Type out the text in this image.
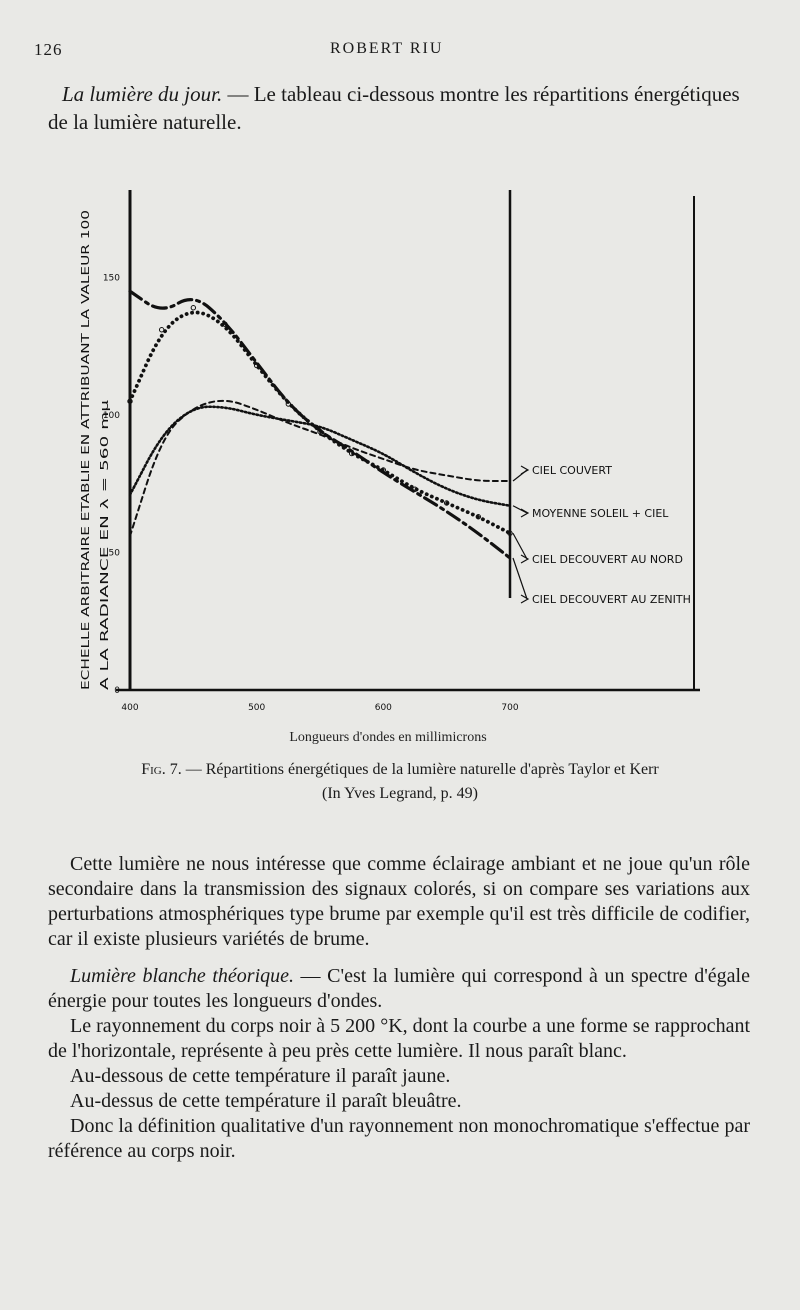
126	ROBERT RIU

La lumière du jour. — Le tableau ci-dessous montre les répartitions énergétiques de la lumière naturelle.

ECHELLE ARBITRAIRE ETABLIE EN ATTRIBUANT LA VALEUR 100 A LA RADIANCE EN λ = 560 mμ
0
50
100
150
400	500	600	700
Longueurs d'ondes en millimicrons
CIEL DECOUVERT AU ZENITH
CIEL DECOUVERT AU NORD
MOYENNE SOLEIL + CIEL
CIEL COUVERT
Fig. 7. — Répartitions énergétiques de la lumière naturelle d'après Taylor et Kerr
(In Yves Legrand, p. 49)

Cette lumière ne nous intéresse que comme éclairage ambiant et ne joue qu'un rôle secondaire dans la transmission des signaux colorés, si on compare ses variations aux perturbations atmosphériques type brume par exemple qu'il est très difficile de codifier, car il existe plusieurs variétés de brume.

Lumière blanche théorique. — C'est la lumière qui correspond à un spectre d'égale énergie pour toutes les longueurs d'ondes.

Le rayonnement du corps noir à 5 200 °K, dont la courbe a une forme se rapprochant de l'horizontale, représente à peu près cette lumière. Il nous paraît blanc.

Au-dessous de cette température il paraît jaune.

Au-dessus de cette température il paraît bleuâtre.

Donc la définition qualitative d'un rayonnement non monochromatique s'effectue par référence au corps noir.
